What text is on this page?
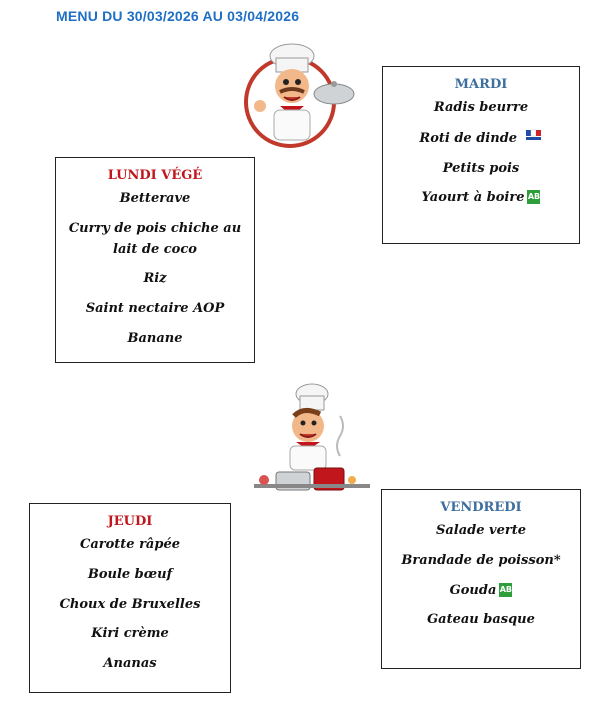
MENU DU 30/03/2026 AU 03/04/2026
LUNDI VÉGÉ
Betterave
Curry de pois chiche au
lait de coco
Riz
Saint nectaire AOP
Banane
MARDI
Radis beurre
Roti de dinde
Petits pois
Yaourt à boire AB
JEUDI
Carotte râpée
Boule bœuf
Choux de Bruxelles
Kiri crème
Ananas
VENDREDI
Salade verte
Brandade de poisson*
Gouda AB
Gateau basque
